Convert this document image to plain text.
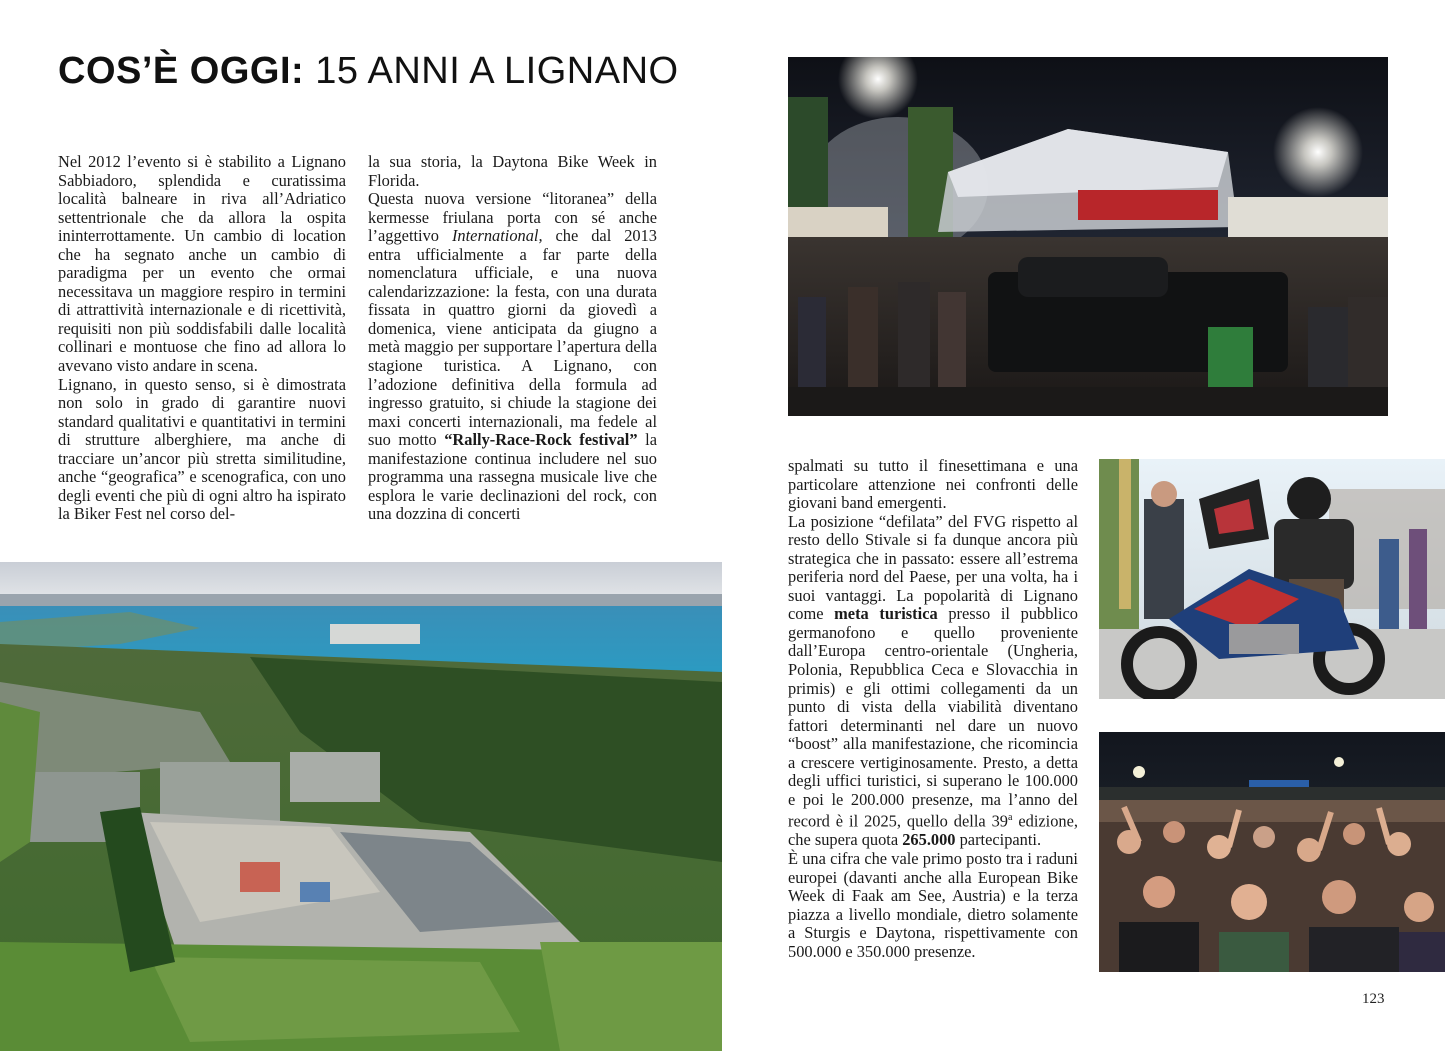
COS’È OGGI: 15 ANNI A LIGNANO

Nel 2012 l’evento si è stabilito a Lignano Sabbiadoro, splendida e curatissima località balneare in riva all’Adriatico settentrionale che da allora la ospita ininterrottamente. Un cambio di location che ha segnato anche un cambio di paradigma per un evento che ormai necessitava un maggiore respiro in termini di attrattività internazionale e di ricettività, requisiti non più soddisfabili dalle località collinari e montuose che fino ad allora lo avevano visto andare in scena.

Lignano, in questo senso, si è dimostrata non solo in grado di garantire nuovi standard qualitativi e quantitativi in termini di strutture alberghiere, ma anche di tracciare un’ancor più stretta similitudine, anche “geografica” e scenografica, con uno degli eventi che più di ogni altro ha ispirato la Biker Fest nel corso del-

la sua storia, la Daytona Bike Week in Florida.

Questa nuova versione “litoranea” della kermesse friulana porta con sé anche l’aggettivo International, che dal 2013 entra ufficialmente a far parte della nomenclatura ufficiale, e una nuova calendarizzazione: la festa, con una durata fissata in quattro giorni da giovedì a domenica, viene anticipata da giugno a metà maggio per supportare l’apertura della stagione turistica. A Lignano, con l’adozione definitiva della formula ad ingresso gratuito, si chiude la stagione dei maxi concerti internazionali, ma fedele al suo motto “Rally-Race-Rock festival” la manifestazione continua includere nel suo programma una rassegna musicale live che esplora le varie declinazioni del rock, con una dozzina di concerti

spalmati su tutto il finesettimana e una particolare attenzione nei confronti delle giovani band emergenti.

La posizione “defilata” del FVG rispetto al resto dello Stivale si fa dunque ancora più strategica che in passato: essere all’estrema periferia nord del Paese, per una volta, ha i suoi vantaggi. La popolarità di Lignano come meta turistica presso il pubblico germanofono e quello proveniente dall’Europa centro-orientale (Ungheria, Polonia, Repubblica Ceca e Slovacchia in primis) e gli ottimi collegamenti da un punto di vista della viabilità diventano fattori determinanti nel dare un nuovo “boost” alla manifestazione, che ricomincia a crescere vertiginosamente. Presto, a detta degli uffici turistici, si superano le 100.000 e poi le 200.000 presenze, ma l’anno del record è il 2025, quello della 39$^a$ edizione, che supera quota 265.000 partecipanti.

È una cifra che vale primo posto tra i raduni europei (davanti anche alla European Bike Week di Faak am See, Austria) e la terza piazza a livello mondiale, dietro solamente a Sturgis e Daytona, rispettivamente con 500.000 e 350.000 presenze.

123
